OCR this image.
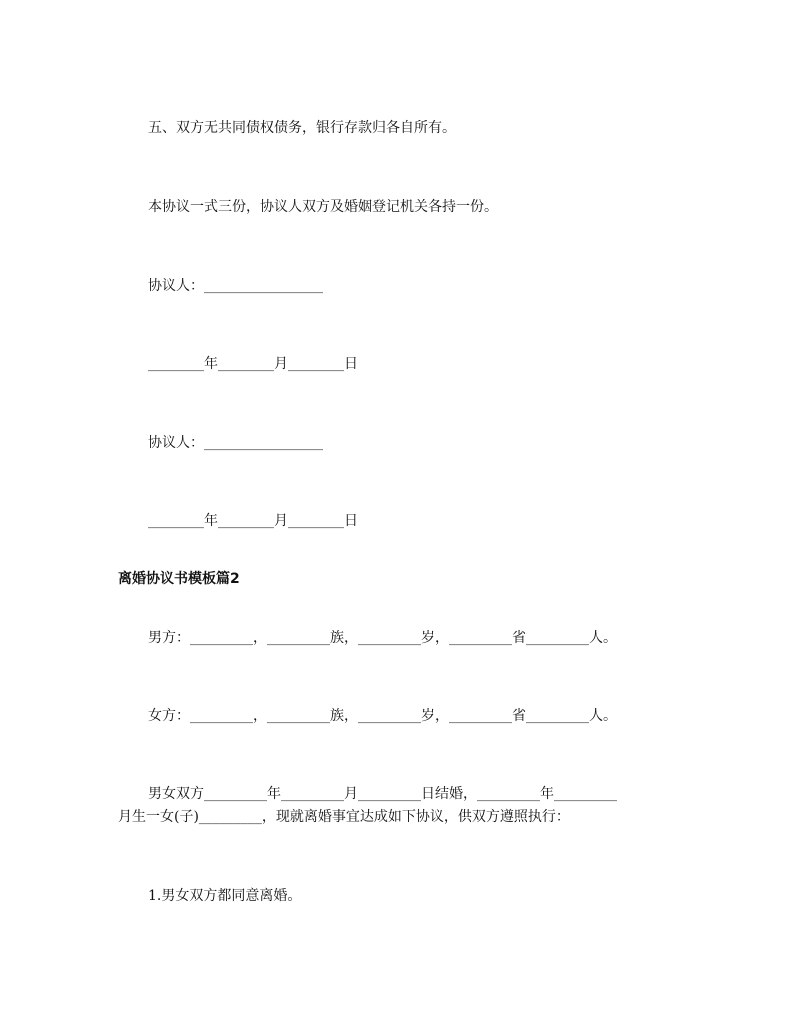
五、双方无共同债权债务，银行存款归各自所有。
本协议一式三份，协议人双方及婚姻登记机关各持一份。
协议人：_________________
________年________月________日
协议人：_________________
________年________月________日
离婚协议书模板篇2
男方：_________，_________族，_________岁，_________省_________人。
女方：_________，_________族，_________岁，_________省_________人。
男女双方_________年_________月_________日结婚，_________年_________
月生一女(子)_________，现就离婚事宜达成如下协议，供双方遵照执行：
1.男女双方都同意离婚。
